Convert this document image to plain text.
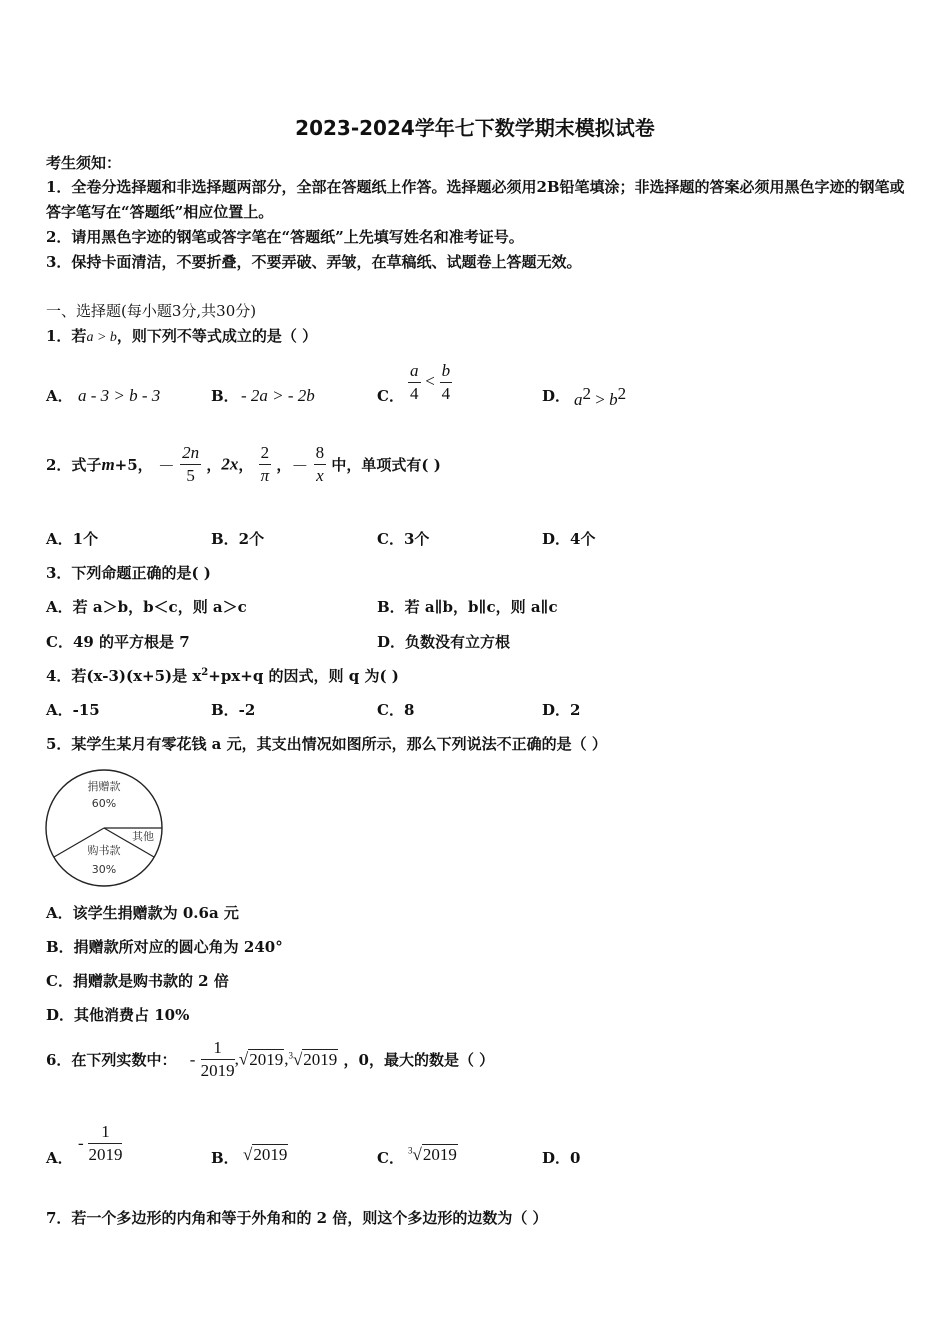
2023-2024学年七下数学期末模拟试卷
考生须知：
1．全卷分选择题和非选择题两部分，全部在答题纸上作答。选择题必须用2B铅笔填涂；非选择题的答案必须用黑色字迹的钢笔或答字笔写在“答题纸”相应位置上。
2．请用黑色字迹的钢笔或答字笔在“答题纸”上先填写姓名和准考证号。
3．保持卡面清洁，不要折叠，不要弄破、弄皱，在草稿纸、试题卷上答题无效。
一、选择题(每小题3分,共30分)
1．若a > b，则下列不等式成立的是（ ）
A． a - 3 > b - 3	B． - 2a > - 2b	C． $\frac{a}{4} < \frac{b}{4}$	D． $a^2 > b^2$
2．式子m+5， － $\frac{2n}{5}$ ，2x， $\frac{2}{\pi}$ ，－ $\frac{8}{x}$ 中，单项式有( )
A．1个	B．2个	C．3个	D．4个
3．下列命题正确的是( )
A．若 a＞b，b＜c，则 a＞c	B．若 a∥b，b∥c，则 a∥c
C．49 的平方根是 7	D．负数没有立方根
4．若(x-3)(x+5)是 $x^2+px+q$ 的因式，则 q 为( )
A．-15	B．-2	C．8	D．2
5．某学生某月有零花钱 a 元，其支出情况如图所示，那么下列说法不正确的是（ ）
捐赠款
60%
其他
购书款
30%
A．该学生捐赠款为 0.6a 元
B．捐赠款所对应的圆心角为 240°
C．捐赠款是购书款的 2 倍
D．其他消费占 10%
6．在下列实数中： - $\frac{1}{2019} ,√2019,^3√2019$ ，0，最大的数是（ ）
A．
- $\frac{1}{2019}$	B． √2019	C． $^3$√2019	D．0
7．若一个多边形的内角和等于外角和的 2 倍，则这个多边形的边数为（ ）
